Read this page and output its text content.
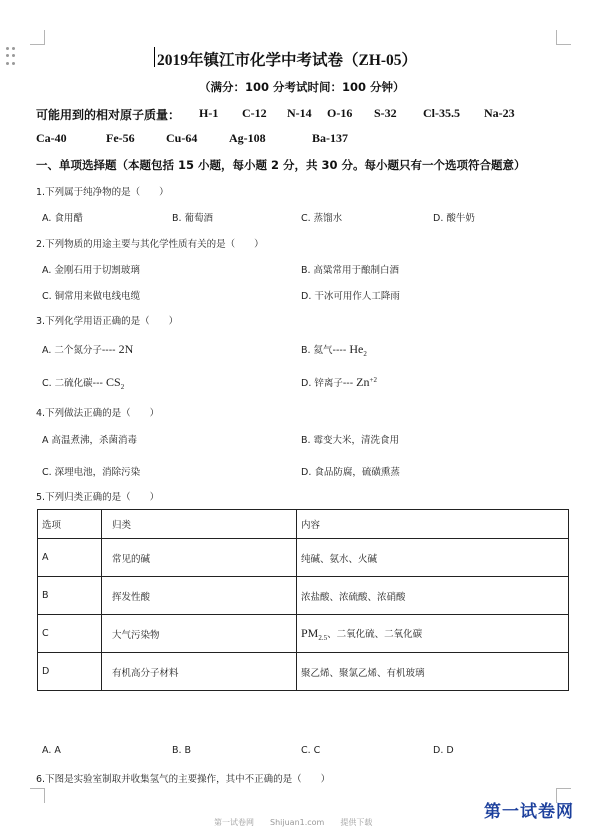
2019年镇江市化学中考试卷（ZH-05）
（满分：100 分考试时间：100 分钟）
可能用到的相对原子质量： H-1 C-12 N-14 O-16 S-32 Cl-35.5 Na-23
Ca-40	Fe-56	Cu-64	Ag-108	Ba-137
一、单项选择题（本题包括 15 小题，每小题 2 分，共 30 分。每小题只有一个选项符合题意）
1.下列属于纯净物的是（　　）
A. 食用醋	B. 葡萄酒	C. 蒸馏水	D. 酸牛奶
2.下列物质的用途主要与其化学性质有关的是（　　）
A. 金刚石用于切割玻璃	B. 高粱常用于酿制白酒
C. 铜常用来做电线电缆	D. 干冰可用作人工降雨
3.下列化学用语正确的是（　　）
A. 二个氮分子---- 2N	B. 氦气---- $He_2$
C. 二硫化碳--- $CS_2$	D. 锌离子--- $Zn^{+2}$
4.下列做法正确的是（　　）
A 高温煮沸，杀菌消毒	B. 霉变大米，清洗食用
C. 深埋电池，消除污染	D. 食品防腐，硫磺熏蒸
5.下列归类正确的是（　　）
选项	归类	内容
A	常见的碱	纯碱、氨水、火碱
B	挥发性酸	浓盐酸、浓硫酸、浓硝酸
C	大气污染物	$PM_{2.5}$、二氧化硫、二氧化碳
D	有机高分子材料	聚乙烯、聚氯乙烯、有机玻璃
A. A	B. B	C. C	D. D
6.下图是实验室制取并收集氢气的主要操作，其中不正确的是（　　）
第一试卷网　　Shijuan1.com　　提供下载
第一试卷网
